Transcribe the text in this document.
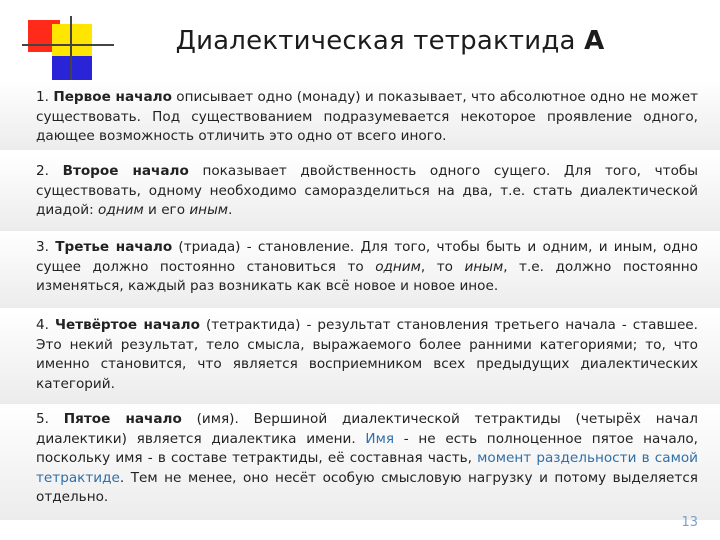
Диалектическая тетрактида А
1. Первое начало описывает одно (монаду) и показывает, что абсолютное одно не может существовать. Под существованием подразумевается некоторое проявление одного, дающее возможность отличить это одно от всего иного.
2. Второе начало показывает двойственность одного сущего. Для того, чтобы существовать, одному необходимо саморазделиться на два, т.е. стать диалектической диадой: одним и его иным.
3. Третье начало (триада) - становление. Для того, чтобы быть и одним, и иным, одно сущее должно постоянно становиться то одним, то иным, т.е. должно постоянно изменяться, каждый раз возникать как всё новое и новое иное.
4. Четвёртое начало (тетрактида) - результат становления третьего начала - ставшее. Это некий результат, тело смысла, выражаемого более ранними категориями; то, что именно становится, что является восприемником всех предыдущих диалектических категорий.
5. Пятое начало (имя). Вершиной диалектической тетрактиды (четырёх начал диалектики) является диалектика имени. Имя - не есть полноценное пятое начало, поскольку имя - в составе тетрактиды, её составная часть, момент раздельности в самой тетрактиде. Тем не менее, оно несёт особую смысловую нагрузку и потому выделяется отдельно.
13
